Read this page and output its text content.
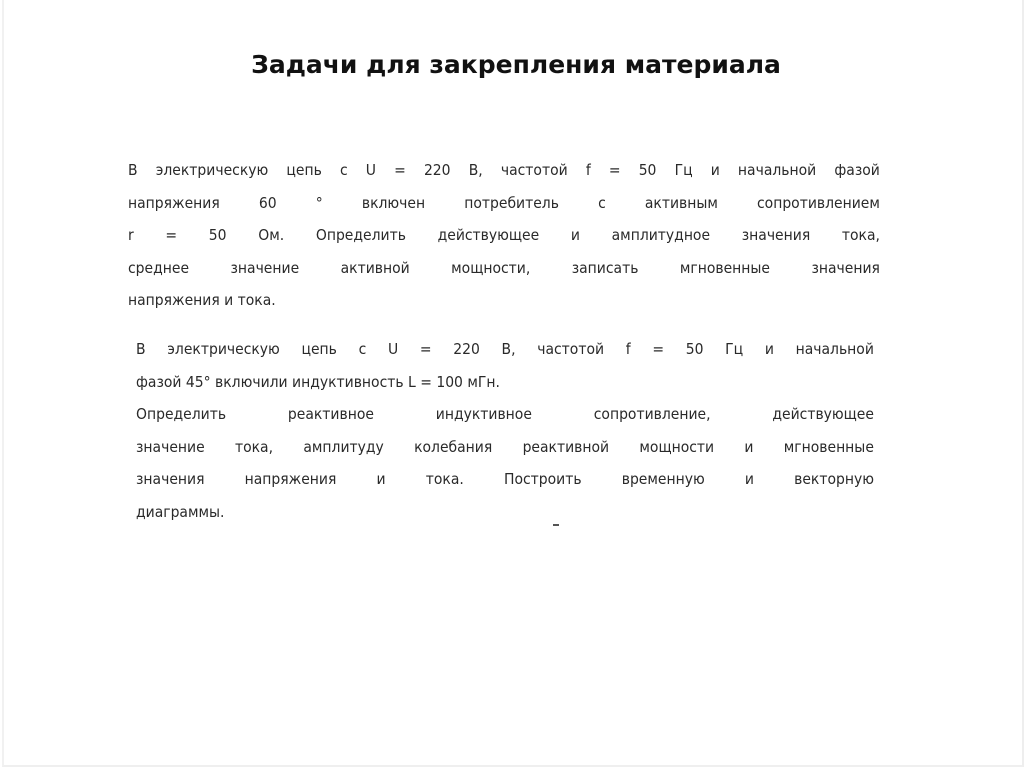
Задачи для закрепления материала
В электрическую цепь с U = 220 В, частотой f = 50 Гц и начальной фазой
напряжения	60	°	включен	потребитель	с	активным	сопротивлением
r = 50 Ом. Определить действующее и амплитудное значения тока,
среднее	значение	активной	мощности,	записать	мгновенные	значения
напряжения и тока.
В электрическую цепь с U = 220 В, частотой f = 50 Гц и начальной
фазой 45° включили индуктивность L = 100 мГн.
Определить	реактивное	индуктивное	сопротивление,	действующее
значение тока, амплитуду колебания реактивной мощности и мгновенные
значения	напряжения	и	тока.	Построить	временную	и	векторную
диаграммы.
